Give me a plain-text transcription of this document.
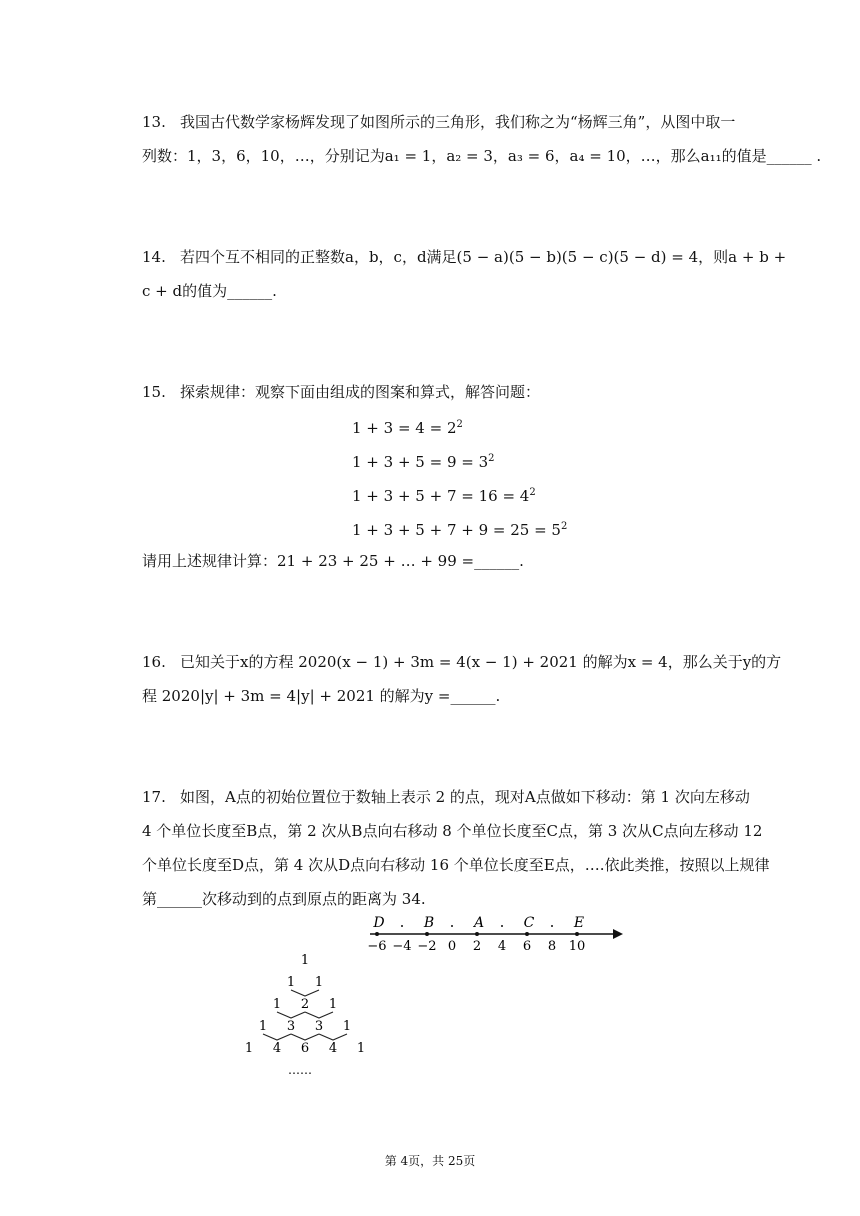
13. 我国古代数学家杨辉发现了如图所示的三角形，我们称之为“杨辉三角”，从图中取一
列数：1，3，6，10，…，分别记为a₁ = 1，a₂ = 3，a₃ = 6，a₄ = 10，…，那么a₁₁的值是______ .
14. 若四个互不相同的正整数a，b，c，d满足(5 − a)(5 − b)(5 − c)(5 − d) = 4，则a + b +
c + d的值为______.
15. 探索规律：观察下面由组成的图案和算式，解答问题：
$1 + 3 = 4 = 2^2$
$1 + 3 + 5 = 9 = 3^2$
$1 + 3 + 5 + 7 = 16 = 4^2$
$1 + 3 + 5 + 7 + 9 = 25 = 5^2$
请用上述规律计算：21 + 23 + 25 + … + 99 =______.
16. 已知关于x的方程 2020(x − 1) + 3m = 4(x − 1) + 2021 的解为x = 4，那么关于y的方
程 2020|y| + 3m = 4|y| + 2021 的解为y =______.
17. 如图，A点的初始位置位于数轴上表示 2 的点，现对A点做如下移动：第 1 次向左移动
4 个单位长度至B点，第 2 次从B点向右移动 8 个单位长度至C点，第 3 次从C点向左移动 12
个单位长度至D点，第 4 次从D点向右移动 16 个单位长度至E点，….依此类推，按照以上规律
第______次移动到的点到原点的距离为 34.
−6 −4 −2 0 2 4 6 8 10
D	B	A	C	E
1
1 1
1 2 1
1 3 3 1
1 4 6 4 1
……
第 4页，共 25页
